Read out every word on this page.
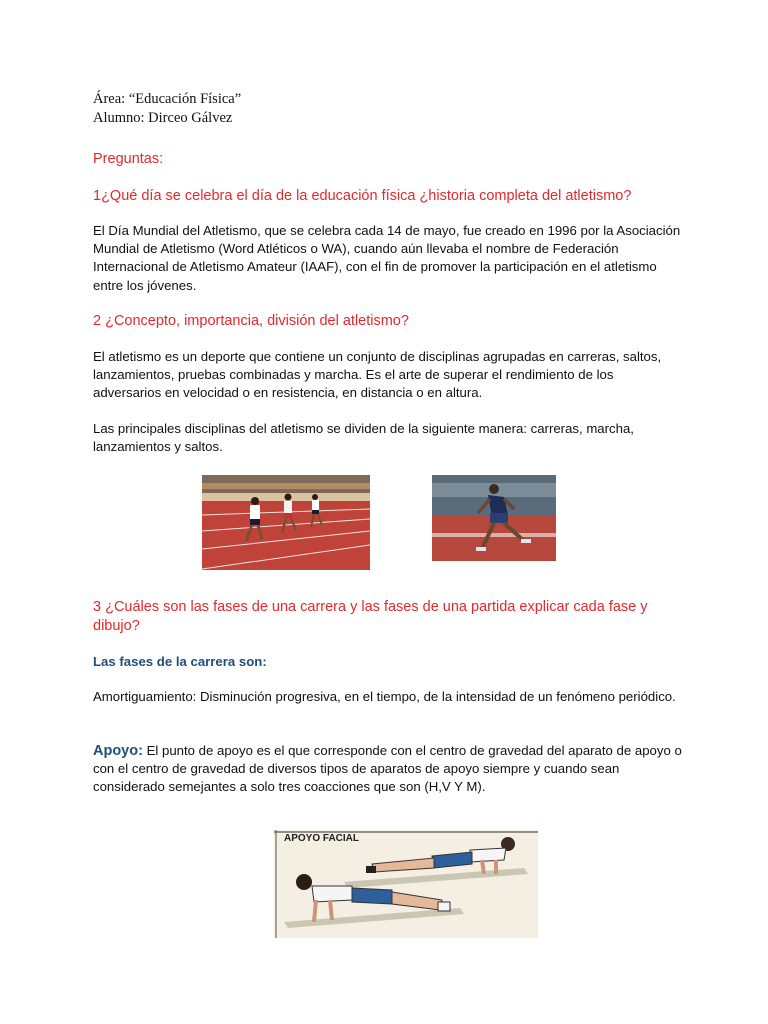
Área: “Educación Física”
Alumno: Dirceo Gálvez

Preguntas:

1¿Qué día se celebra el día de la educación física ¿historia completa del atletismo?

El Día Mundial del Atletismo, que se celebra cada 14 de mayo, fue creado en 1996 por la Asociación Mundial de Atletismo (Word Atléticos o WA), cuando aún llevaba el nombre de Federación Internacional de Atletismo Amateur (IAAF), con el fin de promover la participación en el atletismo entre los jóvenes.

2 ¿Concepto, importancia, división del atletismo?

El atletismo es un deporte que contiene un conjunto de disciplinas agrupadas en carreras, saltos, lanzamientos, pruebas combinadas y marcha. Es el arte de superar el rendimiento de los adversarios en velocidad o en resistencia, en distancia o en altura.

Las principales disciplinas del atletismo se dividen de la siguiente manera: carreras, marcha, lanzamientos y saltos.

3 ¿Cuáles son las fases de una carrera y las fases de una partida explicar cada fase y dibujo?

Las fases de la carrera son:

Amortiguamiento: Disminución progresiva, en el tiempo, de la intensidad de un fenómeno periódico.

Apoyo: El punto de apoyo es el que corresponde con el centro de gravedad del aparato de apoyo o con el centro de gravedad de diversos tipos de aparatos de apoyo siempre y cuando sean considerado semejantes a solo tres coacciones que son (H,V Y M).

APOYO FACIAL
